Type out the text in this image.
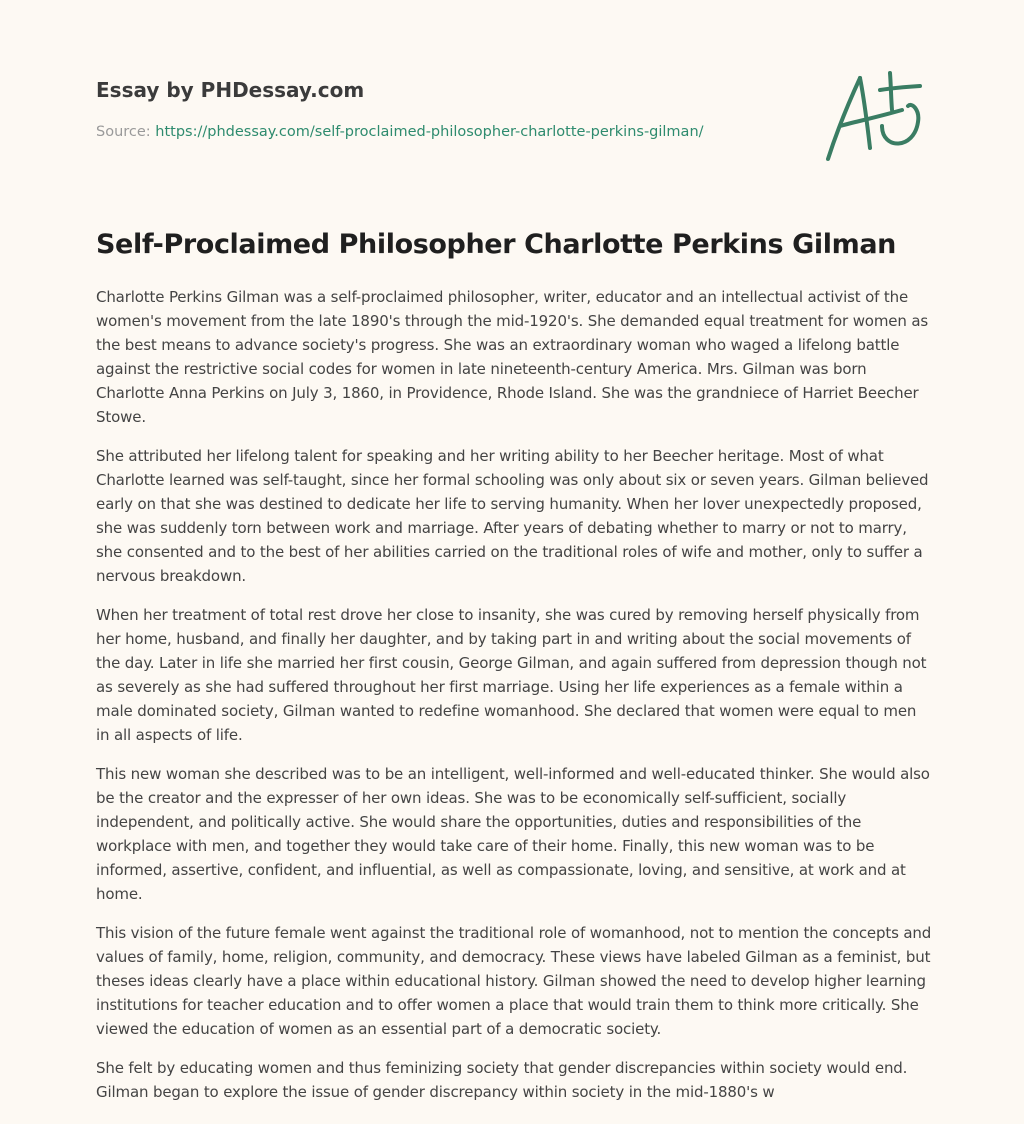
Essay by PHDessay.com
Source: https://phdessay.com/self-proclaimed-philosopher-charlotte-perkins-gilman/
Self-Proclaimed Philosopher Charlotte Perkins Gilman

Charlotte Perkins Gilman was a self-proclaimed philosopher, writer, educator and an intellectual activist of the women's movement from the late 1890's through the mid-1920's. She demanded equal treatment for women as the best means to advance society's progress. She was an extraordinary woman who waged a lifelong battle against the restrictive social codes for women in late nineteenth-century America. Mrs. Gilman was born Charlotte Anna Perkins on July 3, 1860, in Providence, Rhode Island. She was the grandniece of Harriet Beecher Stowe.

She attributed her lifelong talent for speaking and her writing ability to her Beecher heritage. Most of what Charlotte learned was self-taught, since her formal schooling was only about six or seven years. Gilman believed early on that she was destined to dedicate her life to serving humanity. When her lover unexpectedly proposed, she was suddenly torn between work and marriage. After years of debating whether to marry or not to marry, she consented and to the best of her abilities carried on the traditional roles of wife and mother, only to suffer a nervous breakdown.

When her treatment of total rest drove her close to insanity, she was cured by removing herself physically from her home, husband, and finally her daughter, and by taking part in and writing about the social movements of the day. Later in life she married her first cousin, George Gilman, and again suffered from depression though not as severely as she had suffered throughout her first marriage. Using her life experiences as a female within a male dominated society, Gilman wanted to redefine womanhood. She declared that women were equal to men in all aspects of life.

This new woman she described was to be an intelligent, well-informed and well-educated thinker. She would also be the creator and the expresser of her own ideas. She was to be economically self-sufficient, socially independent, and politically active. She would share the opportunities, duties and responsibilities of the workplace with men, and together they would take care of their home. Finally, this new woman was to be informed, assertive, confident, and influential, as well as compassionate, loving, and sensitive, at work and at home.

This vision of the future female went against the traditional role of womanhood, not to mention the concepts and values of family, home, religion, community, and democracy. These views have labeled Gilman as a feminist, but theses ideas clearly have a place within educational history. Gilman showed the need to develop higher learning institutions for teacher education and to offer women a place that would train them to think more critically. She viewed the education of women as an essential part of a democratic society.

She felt by educating women and thus feminizing society that gender discrepancies within society would end. Gilman began to explore the issue of gender discrepancy within society in the mid-1880's w
